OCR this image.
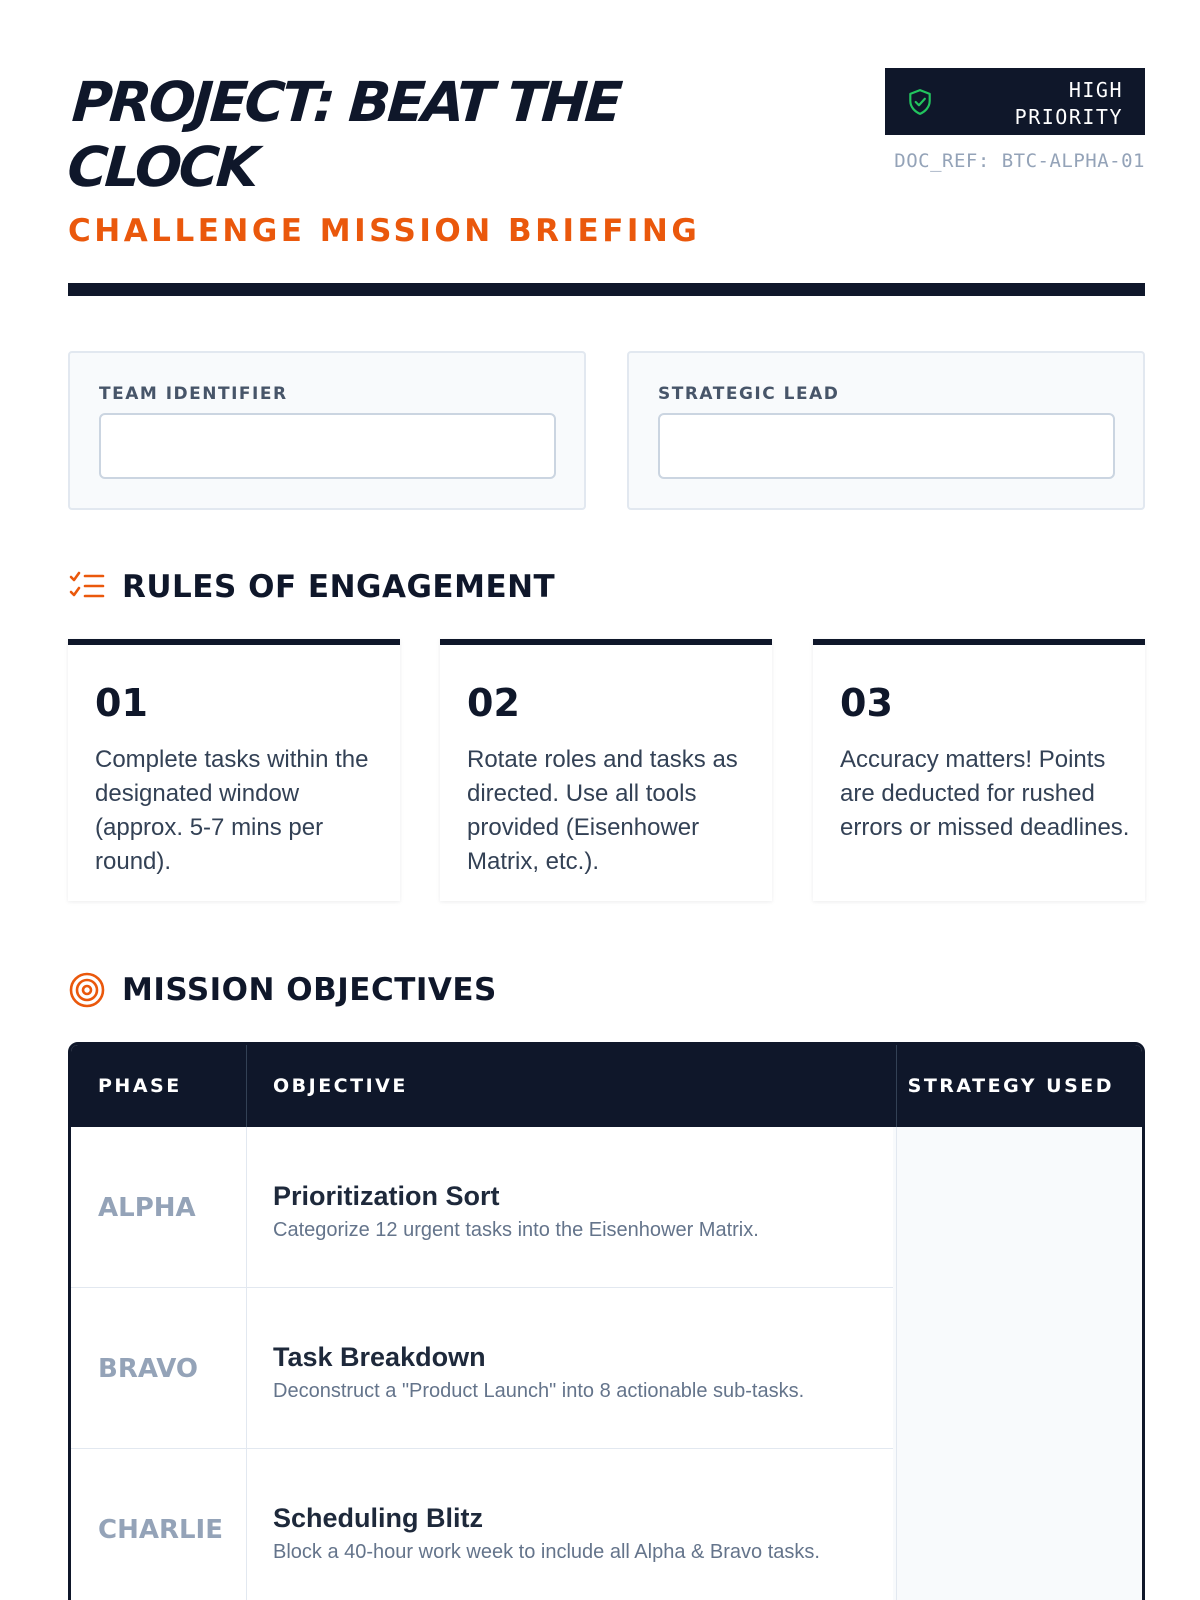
PROJECT: BEAT THE CLOCK
CHALLENGE MISSION BRIEFING
HIGH PRIORITY
DOC_REF: BTC-ALPHA-01
TEAM IDENTIFIER	STRATEGIC LEAD
RULES OF ENGAGEMENT
01
Complete tasks within the designated window (approx. 5-7 mins per round).
02
Rotate roles and tasks as directed. Use all tools provided (Eisenhower Matrix, etc.).
03
Accuracy matters! Points are deducted for rushed errors or missed deadlines.
MISSION OBJECTIVES
PHASE	OBJECTIVE	STRATEGY USED
ALPHA	Prioritization Sort
Categorize 12 urgent tasks into the Eisenhower Matrix.
BRAVO	Task Breakdown
Deconstruct a "Product Launch" into 8 actionable sub-tasks.
CHARLIE Scheduling Blitz
Block a 40-hour work week to include all Alpha & Bravo tasks.
